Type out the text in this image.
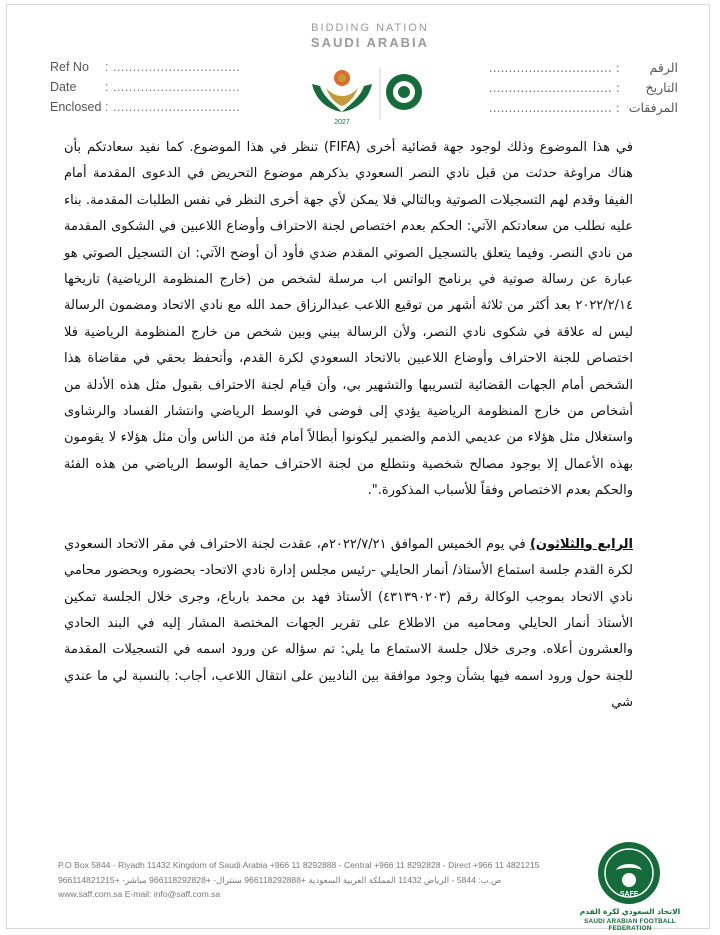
BIDDING NATION
SAUDI ARABIA
2027
Ref No : ................................
Date : ................................
Enclosed : ................................
الرقم: ...............................
التاريخ: ...............................
المرفقات: ...............................

في هذا الموضوع وذلك لوجود جهة قضائية أخرى (FIFA) تنظر في هذا الموضوع. كما نفيد سعادتكم بأن هناك مراوغة حدثت من قبل نادي النصر السعودي بذكرهم موضوع التحريض في الدعوى المقدمة أمام الفيفا وقدم لهم التسجيلات الصوتية وبالتالي فلا يمكن لأي جهة أخرى النظر في نفس الطلبات المقدمة. بناء عليه نطلب من سعادتكم الآتي: الحكم بعدم اختصاص لجنة الاحتراف وأوضاع اللاعبين في الشكوى المقدمة من نادي النصر. وفيما يتعلق بالتسجيل الصوتي المقدم ضدي فأود أن أوضح الآتي: ان التسجيل الصوتي هو عبارة عن رسالة صوتية في برنامج الواتس اب مرسلة لشخص من (خارج المنظومة الرياضية) تاريخها ٢٠٢٢/٢/١٤ بعد أكثر من ثلاثة أشهر من توقيع اللاعب عبدالرزاق حمد الله مع نادي الاتحاد ومضمون الرسالة ليس له علاقة في شكوى نادي النصر، ولأن الرسالة بيني وبين شخص من خارج المنظومة الرياضية فلا اختصاص للجنة الاحتراف وأوضاع اللاعبين بالاتحاد السعودي لكرة القدم، وأتحفظ بحقي في مقاضاة هذا الشخص أمام الجهات القضائية لتسريبها والتشهير بي، وأن قيام لجنة الاحتراف بقبول مثل هذه الأدلة من أشخاص من خارج المنظومة الرياضية يؤدي إلى فوضى في الوسط الرياضي وانتشار الفساد والرشاوى واستغلال مثل هؤلاء من عديمي الذمم والضمير ليكونوا أبطالاً أمام فئة من الناس وأن مثل هؤلاء لا يقومون بهذه الأعمال إلا بوجود مصالح شخصية ونتطلع من لجنة الاحتراف حماية الوسط الرياضي من هذه الفئة والحكم بعدم الاختصاص وفقاً للأسباب المذكورة.".

الرابع والثلاثون) في يوم الخميس الموافق ٢٠٢٢/٧/٢١م، عقدت لجنة الاحتراف في مقر الاتحاد السعودي لكرة القدم جلسة استماع الأستاذ/ أنمار الحايلي -رئيس مجلس إدارة نادي الاتحاد- بحضوره وبحضور محامي نادي الاتحاد بموجب الوكالة رقم (٤٣١٣٩٠٢٠٣) الأستاذ فهد بن محمد بارباع، وجرى خلال الجلسة تمكين الأستاذ أنمار الحايلي ومحاميه من الاطلاع على تقرير الجهات المختصة المشار إليه في البند الحادي والعشرون أعلاه. وجرى خلال جلسة الاستماع ما يلي: تم سؤاله عن ورود اسمه في التسجيلات المقدمة للجنة حول ورود اسمه فيها بشأن وجود موافقة بين الناديين على انتقال اللاعب، أجاب: بالنسبة لي ما عندي شي

P.O Box 5844 - Riyadh 11432 Kingdom of Saudi Arabia +966 11 8292888 - Central +966 11 8292828 - Direct +966 11 4821215
ص.ب: 5844 - الرياض 11432 المملكة العربية السعودية +966118292888 سنترال- +966118292828 مباشر- +966114821215
www.saff.com.sa E-mail: info@saff.com.sa	SAFF
الاتحاد السعودي لكرة القدم
SAUDI ARABIAN FOOTBALL FEDERATION
